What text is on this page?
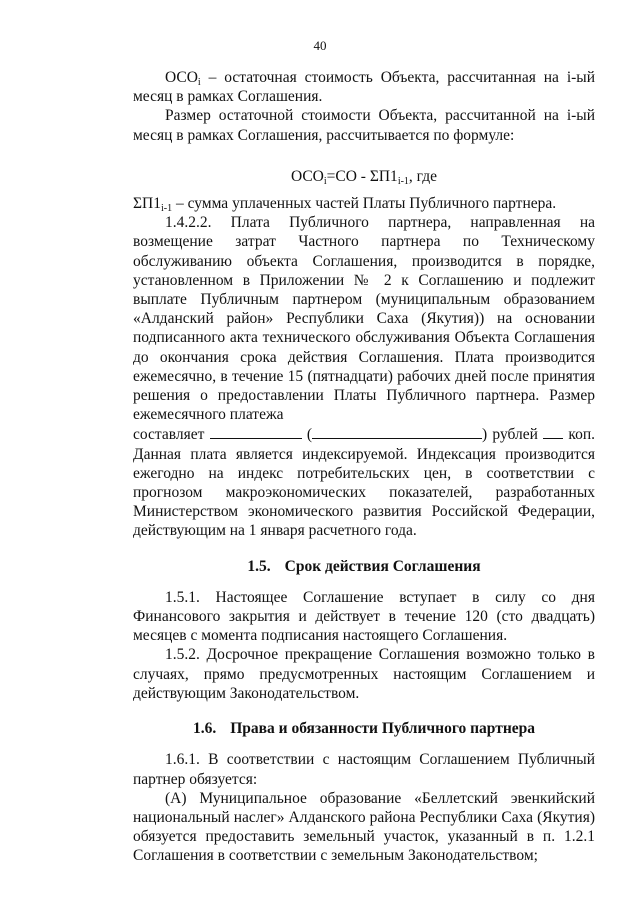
40

$ОСО_i$ – остаточная стоимость Объекта, рассчитанная на i-ый месяц в рамках Соглашения.

Размер остаточной стоимости Объекта, рассчитанной на i-ый месяц в рамках Соглашения, рассчитывается по формуле:

$ОСО_i=СО - \Sigma П1_{i-1}$, где

$\Sigma П1_{i-1}$ – сумма уплаченных частей Платы Публичного партнера.

1.4.2.2. Плата Публичного партнера, направленная на возмещение затрат Частного партнера по Техническому обслуживанию объекта Соглашения, производится в порядке, установленном в Приложении № 2 к Соглашению и подлежит выплате Публичным партнером (муниципальным образованием «Алданский район» Республики Саха (Якутия)) на основании подписанного акта технического обслуживания Объекта Соглашения до окончания срока действия Соглашения. Плата производится ежемесячно, в течение 15 (пятнадцати) рабочих дней после принятия решения о предоставлении Платы Публичного партнера. Размер ежемесячного платежа

составляет	(	) рублей коп.

Данная плата является индексируемой. Индексация производится ежегодно на индекс потребительских цен, в соответствии с прогнозом макроэкономических показателей, разработанных Министерством экономического развития Российской Федерации, действующим на 1 января расчетного года.

1.5. Срок действия Соглашения

1.5.1. Настоящее Соглашение вступает в силу со дня Финансового закрытия и действует в течение 120 (сто двадцать) месяцев с момента подписания настоящего Соглашения.

1.5.2. Досрочное прекращение Соглашения возможно только в случаях, прямо предусмотренных настоящим Соглашением и действующим Законодательством.

1.6. Права и обязанности Публичного партнера

1.6.1. В соответствии с настоящим Соглашением Публичный партнер обязуется:

(А) Муниципальное образование «Беллетский эвенкийский национальный наслег» Алданского района Республики Саха (Якутия) обязуется предоставить земельный участок, указанный в п. 1.2.1 Соглашения в соответствии с земельным Законодательством;
